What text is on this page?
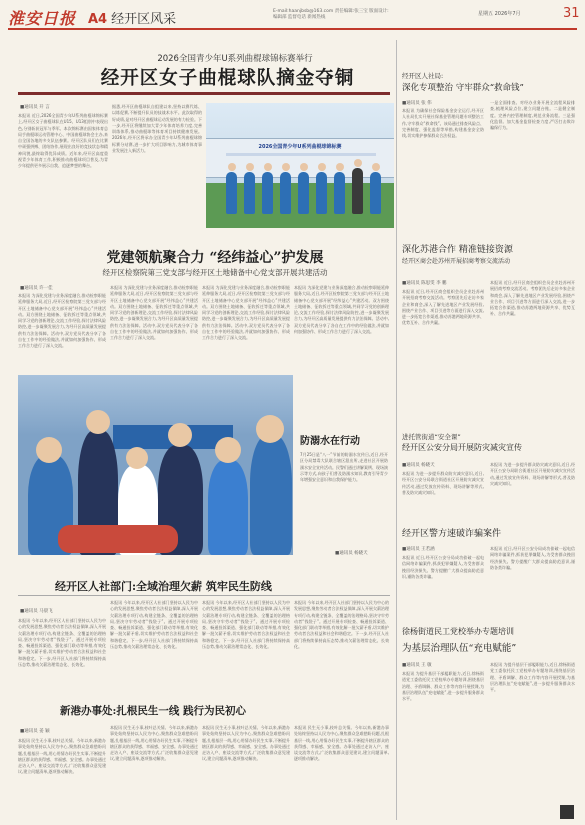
淮安日报 A4 经开区风采
E-mail:haanjbsb@163.com 责任编辑:张三宝 版面设计:
编辑部 监督电话 新闻热线
星期五 2026年7月	31
2026全国青少年U系列曲棍球锦标赛举行
经开区女子曲棍球队摘金夺铜
■通讯员 开 言
本报讯 近日,2026全国青少年U系列曲棍球锦标赛上,经开区女子曲棍球队在U15、U13组别中表现出色,分别斩获冠军与季军。本次锦标赛由国家体育总局手曲棍球运动管理中心、中国曲棍球协会主办,来自全国各地的多支队伍参赛。经开区队员们在比赛中顽强拼搏、团结协作,展现出良好的竞技状态和精神风貌,最终取得优异成绩。近年来,经开区高度重视青少年体育工作,积极推动曲棍球项目普及,为青少年提供更多展示自我、追逐梦想的舞台。
据悉,经开区曲棍球队自组建以来,坚持以赛代练、以练促赛,不断提升队员的技战术水平。此次取得的好成绩,是对经开区曲棍球运动发展的有力检验。下一步,经开区将继续加大青少年体育培养力度,完善训练体系,推动曲棍球等体育项目持续健康发展。2026年,经开区将承办全国青少年U系列曲棍球锦标赛分站赛,进一步扩大项目影响力,为城市体育事业发展注入新活力。
2026全国青少年U系列曲棍球锦标赛
党建领航聚合力 “经纬益心”护发展
经开区检察院第三党支部与经开区土地储备中心党支部开展共建活动
■通讯员 许一佳
本报讯 为深化党建与业务深度融合,推动检察职能延伸服务大局,近日,经开区检察院第三党支部与经开区土地储备中心党支部开展“经纬益心”共建活动。双方围绕土地储备、征收拆迁等重点领域,共同学习党的创新理论,交流工作经验,探讨法律风险防控,进一步凝聚发展合力,为经开区高质量发展提供有力法治保障。活动中,双方党员代表分享了各自在工作中的经验做法,并就如何加强协作、形成工作合力进行了深入交流。
本报讯 为深化党建与业务深度融合,推动检察职能延伸服务大局,近日,经开区检察院第三党支部与经开区土地储备中心党支部开展“经纬益心”共建活动。双方围绕土地储备、征收拆迁等重点领域,共同学习党的创新理论,交流工作经验,探讨法律风险防控,进一步凝聚发展合力,为经开区高质量发展提供有力法治保障。活动中,双方党员代表分享了各自在工作中的经验做法,并就如何加强协作、形成工作合力进行了深入交流。
本报讯 为深化党建与业务深度融合,推动检察职能延伸服务大局,近日,经开区检察院第三党支部与经开区土地储备中心党支部开展“经纬益心”共建活动。双方围绕土地储备、征收拆迁等重点领域,共同学习党的创新理论,交流工作经验,探讨法律风险防控,进一步凝聚发展合力,为经开区高质量发展提供有力法治保障。活动中,双方党员代表分享了各自在工作中的经验做法,并就如何加强协作、形成工作合力进行了深入交流。
本报讯 为深化党建与业务深度融合,推动检察职能延伸服务大局,近日,经开区检察院第三党支部与经开区土地储备中心党支部开展“经纬益心”共建活动。双方围绕土地储备、征收拆迁等重点领域,共同学习党的创新理论,交流工作经验,探讨法律风险防控,进一步凝聚发展合力,为经开区高质量发展提供有力法治保障。活动中,双方党员代表分享了各自在工作中的经验做法,并就如何加强协作、形成工作合力进行了深入交流。
防溺水在行动
7月25日是“八一”节前的防溺水宣传日,近日,经开区分局禁毒大队联合辖区派出所,走进社区开展防溺水安全宣传活动。民警们通过讲解案例、现场演示等方式,向孩子们普及防溺水知识,教育引导青少年增强安全意识和自我保护能力。
■通讯员 杨晓天
经开区人社部门:全域治理欠薪 筑牢民生防线
■通讯员 马晨飞
本报讯 今年以来,经开区人社部门坚持以人民为中心的发展思想,聚焦劳动者合法权益保障,深入开展欠薪治理专项行动,构建全链条、全覆盖的治理格局,坚决守牢劳动者“钱袋子”。通过开展专项检查、畅通投诉渠道、强化部门联动等举措,有效化解一批欠薪矛盾,切实维护劳动者合法权益和社会和谐稳定。下一步,经开区人社部门将持续保持高压态势,推动欠薪治理常态化、长效化。
本报讯 今年以来,经开区人社部门坚持以人民为中心的发展思想,聚焦劳动者合法权益保障,深入开展欠薪治理专项行动,构建全链条、全覆盖的治理格局,坚决守牢劳动者“钱袋子”。通过开展专项检查、畅通投诉渠道、强化部门联动等举措,有效化解一批欠薪矛盾,切实维护劳动者合法权益和社会和谐稳定。下一步,经开区人社部门将持续保持高压态势,推动欠薪治理常态化、长效化。
本报讯 今年以来,经开区人社部门坚持以人民为中心的发展思想,聚焦劳动者合法权益保障,深入开展欠薪治理专项行动,构建全链条、全覆盖的治理格局,坚决守牢劳动者“钱袋子”。通过开展专项检查、畅通投诉渠道、强化部门联动等举措,有效化解一批欠薪矛盾,切实维护劳动者合法权益和社会和谐稳定。下一步,经开区人社部门将持续保持高压态势,推动欠薪治理常态化、长效化。
本报讯 今年以来,经开区人社部门坚持以人民为中心的发展思想,聚焦劳动者合法权益保障,深入开展欠薪治理专项行动,构建全链条、全覆盖的治理格局,坚决守牢劳动者“钱袋子”。通过开展专项检查、畅通投诉渠道、强化部门联动等举措,有效化解一批欠薪矛盾,切实维护劳动者合法权益和社会和谐稳定。下一步,经开区人社部门将持续保持高压态势,推动欠薪治理常态化、长效化。
新港办事处:扎根民生一线 践行为民初心
■通讯员 姜 颖
本报讯 民生无小事,枝叶总关情。今年以来,新港办事处始终坚持以人民为中心,聚焦群众急难愁盼问题,扎根基层一线,用心用情办好民生实事,不断提升辖区群众的获得感、幸福感、安全感。办事处通过走访入户、座谈交流等方式,广泛收集群众意见建议,建立问题清单,逐项推动解决。
本报讯 民生无小事,枝叶总关情。今年以来,新港办事处始终坚持以人民为中心,聚焦群众急难愁盼问题,扎根基层一线,用心用情办好民生实事,不断提升辖区群众的获得感、幸福感、安全感。办事处通过走访入户、座谈交流等方式,广泛收集群众意见建议,建立问题清单,逐项推动解决。
本报讯 民生无小事,枝叶总关情。今年以来,新港办事处始终坚持以人民为中心,聚焦群众急难愁盼问题,扎根基层一线,用心用情办好民生实事,不断提升辖区群众的获得感、幸福感、安全感。办事处通过走访入户、座谈交流等方式,广泛收集群众意见建议,建立问题清单,逐项推动解决。
本报讯 民生无小事,枝叶总关情。今年以来,新港办事处始终坚持以人民为中心,聚焦群众急难愁盼问题,扎根基层一线,用心用情办好民生实事,不断提升辖区群众的获得感、幸福感、安全感。办事处通过走访入户、座谈交流等方式,广泛收集群众意见建议,建立问题清单,逐项推动解决。
经开区人社局:
深化专项整治 守牢群众“救命钱”
■通讯员 张 伟
本报讯 为确保社会保险基金安全运行,经开区人社局扎实开展社保基金管理问题专项整治工作,守牢群众“救命钱”。该局通过排查风险点、完善制度、强化监督等举措,构建基金安全防线,切实维护参保群众合法权益。
一是全面排查。对经办业务开展全流程风险排查,梳理风险点位,建立问题台账。二是健全制度。完善内控管理制度,规范业务流程。三是强化监督。加大基金监督检查力度,严厉打击欺诈骗保行为。
深化苏港合作 精准链接资源
经开区商会赴苏州开展招商考察交流活动
■通讯员 陈思雯 李 鹏
本报讯 近日,经开区商会组织会员企业赴苏州开展招商考察交流活动。考察团先后走访多家企业和商会,深入了解先进地区产业发展经验,围绕产业合作、项目引进等方面进行深入交流,进一步拓宽合作渠道,推动苏港两地资源共享、优势互补、合作共赢。
本报讯 近日,经开区商会组织会员企业赴苏州开展招商考察交流活动。考察团先后走访多家企业和商会,深入了解先进地区产业发展经验,围绕产业合作、项目引进等方面进行深入交流,进一步拓宽合作渠道,推动苏港两地资源共享、优势互补、合作共赢。
进托管街道“安全课”
经开区公安分局开展防灾减灾宣传
■通讯员 杨晓天
本报讯 为进一步提升群众防灾减灾意识,近日,经开区公安分局联合街道社区开展防灾减灾宣传活动,通过发放宣传资料、现场讲解等形式,普及防灾减灾知识。
本报讯 为进一步提升群众防灾减灾意识,近日,经开区公安分局联合街道社区开展防灾减灾宣传活动,通过发放宣传资料、现场讲解等形式,普及防灾减灾知识。
经开区警方速破诈骗案件
■通讯员 王若涵
本报讯 近日,经开区公安分局成功侦破一起电信网络诈骗案件,抓获犯罪嫌疑人,为受害群众挽回经济损失。警方提醒广大群众提高防范意识,谨防各类诈骗。
本报讯 近日,经开区公安分局成功侦破一起电信网络诈骗案件,抓获犯罪嫌疑人,为受害群众挽回经济损失。警方提醒广大群众提高防范意识,谨防各类诈骗。
徐杨街道民工党校举办专题培训
为基层治理队伍“充电赋能”
■通讯员 王 敏
本报讯 为提升基层干部履职能力,近日,徐杨街道党工委依托民工党校举办专题培训,围绕基层治理、矛盾调解、群众工作等内容开展授课,为基层治理队伍“充电赋能”,进一步提升服务群众水平。
本报讯 为提升基层干部履职能力,近日,徐杨街道党工委依托民工党校举办专题培训,围绕基层治理、矛盾调解、群众工作等内容开展授课,为基层治理队伍“充电赋能”,进一步提升服务群众水平。
